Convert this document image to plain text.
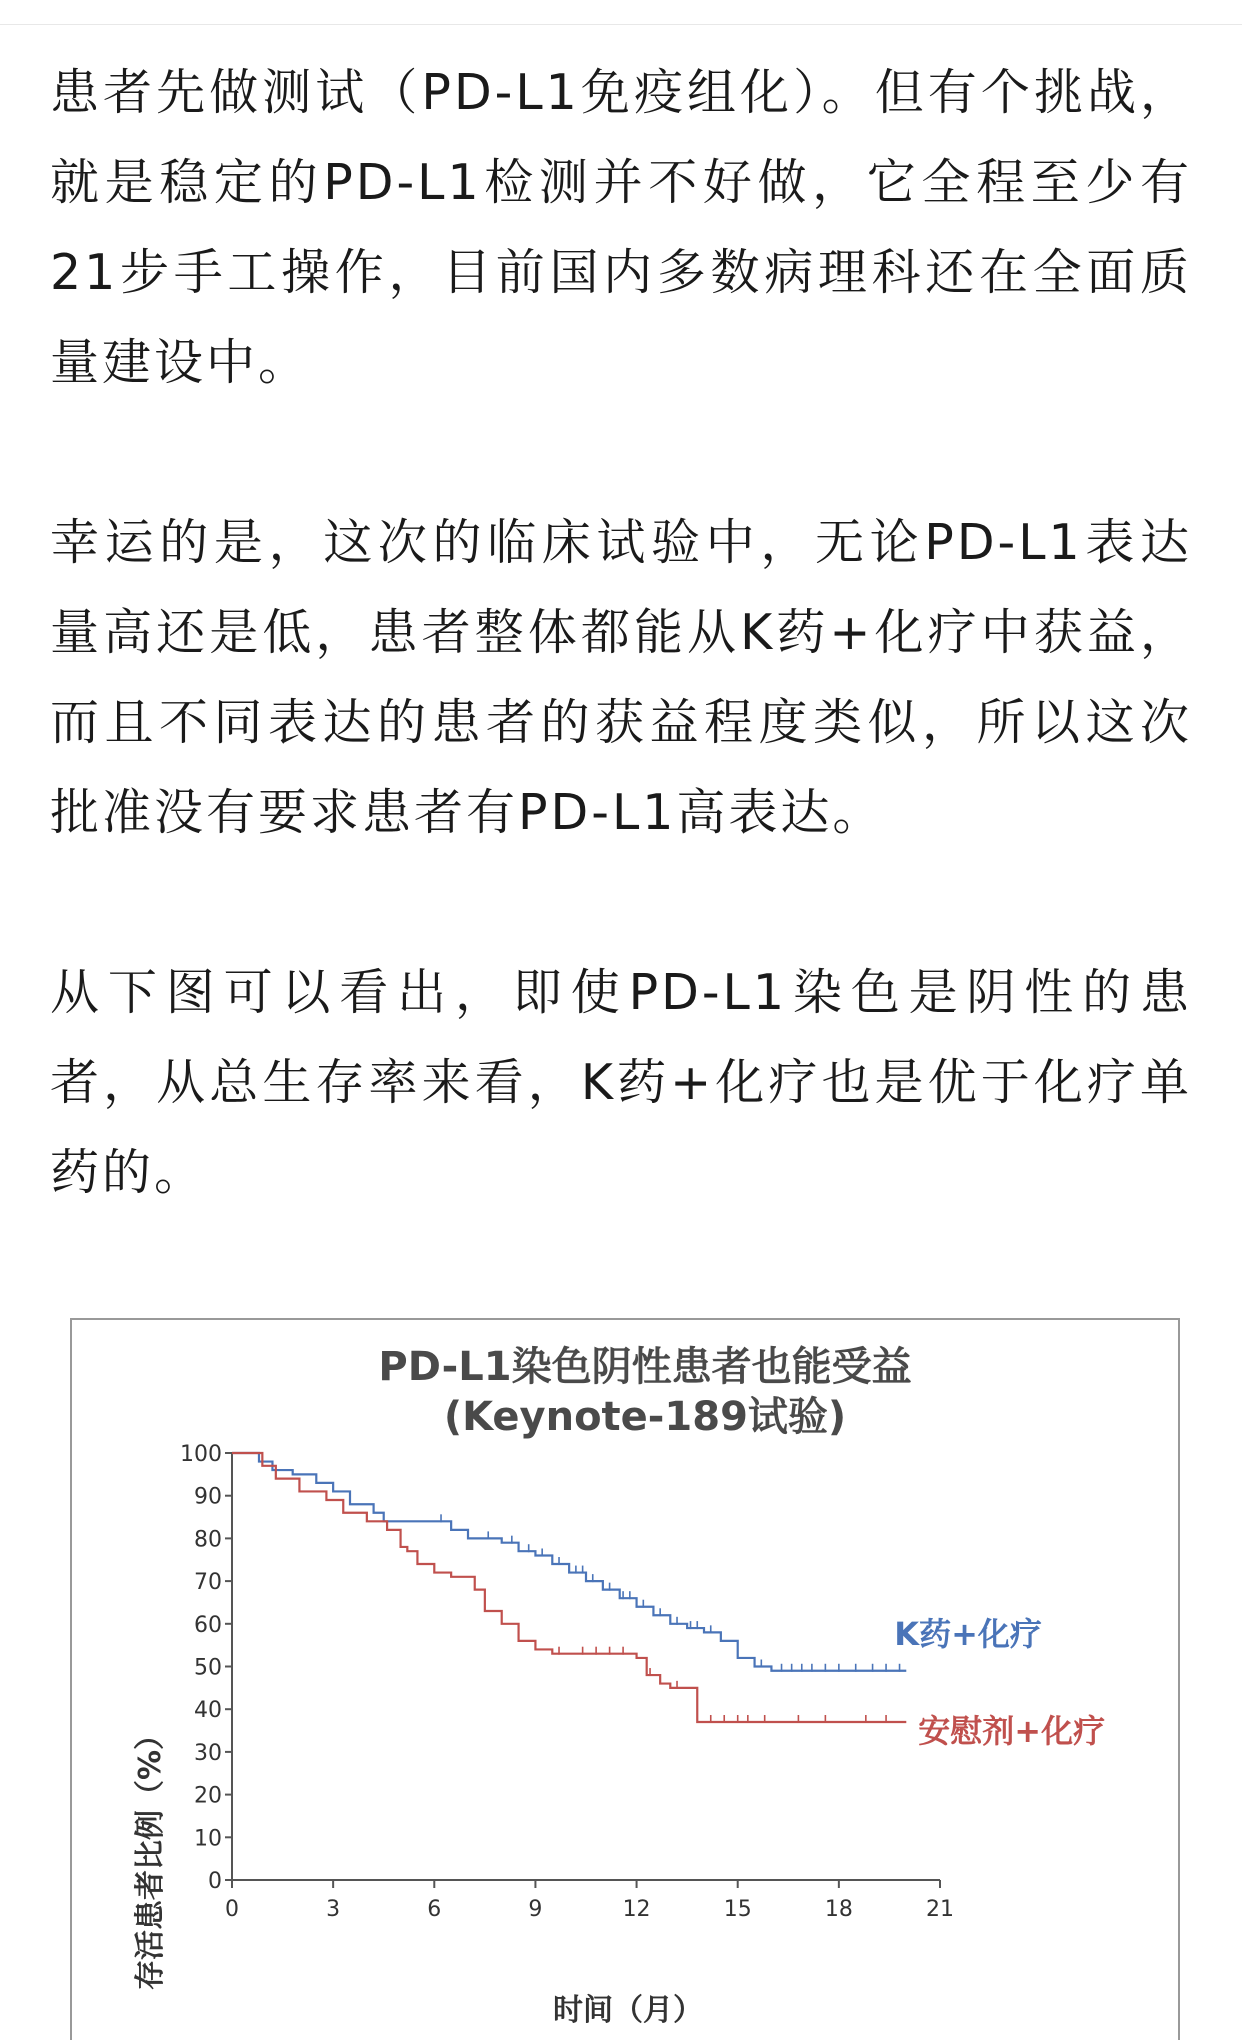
患者先做测试（PD-L1免疫组化）。但有个挑战，就是稳定的PD-L1检测并不好做，它全程至少有21步手工操作，目前国内多数病理科还在全面质量建设中。

幸运的是，这次的临床试验中，无论PD-L1表达量高还是低，患者整体都能从K药+化疗中获益，而且不同表达的患者的获益程度类似，所以这次批准没有要求患者有PD-L1高表达。

从下图可以看出，即使PD-L1染色是阴性的患者，从总生存率来看，K药+化疗也是优于化疗单药的。

PD-L1染色阴性患者也能受益
(Keynote-189试验)
0
10
20
30
40
50
60
70
80
90
100
0	3	6	9	12	15	18	21
K药+化疗
安慰剂+化疗
时间（月）
存活患者比例（%）
